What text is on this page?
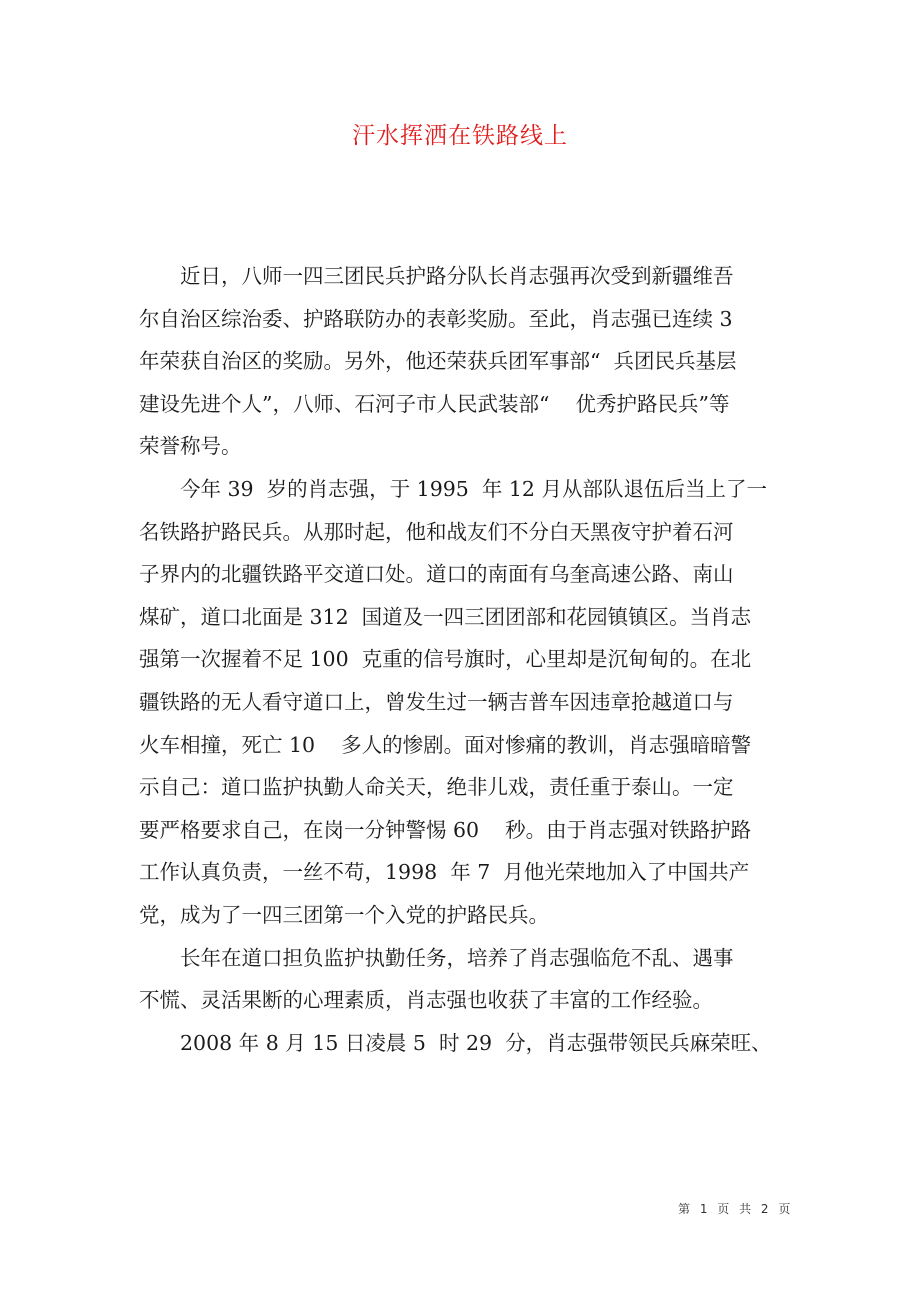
汗水挥洒在铁路线上
近日，八师一四三团民兵护路分队长肖志强再次受到新疆维吾
尔自治区综治委、护路联防办的表彰奖励。至此，肖志强已连续 3
年荣获自治区的奖励。另外，他还荣获兵团军事部“  兵团民兵基层
建设先进个人”，八师、石河子市人民武装部“    优秀护路民兵”等
荣誉称号。
今年 39  岁的肖志强，于 1995  年 12 月从部队退伍后当上了一
名铁路护路民兵。从那时起，他和战友们不分白天黑夜守护着石河
子界内的北疆铁路平交道口处。道口的南面有乌奎高速公路、南山
煤矿，道口北面是 312  国道及一四三团团部和花园镇镇区。当肖志
强第一次握着不足 100  克重的信号旗时，心里却是沉甸甸的。在北
疆铁路的无人看守道口上，曾发生过一辆吉普车因违章抢越道口与
火车相撞，死亡 10    多人的惨剧。面对惨痛的教训，肖志强暗暗警
示自己：道口监护执勤人命关天，绝非儿戏，责任重于泰山。一定
要严格要求自己，在岗一分钟警惕 60    秒。由于肖志强对铁路护路
工作认真负责，一丝不苟，1998  年 7  月他光荣地加入了中国共产
党，成为了一四三团第一个入党的护路民兵。
长年在道口担负监护执勤任务，培养了肖志强临危不乱、遇事
不慌、灵活果断的心理素质，肖志强也收获了丰富的工作经验。
2008 年 8 月 15 日凌晨 5  时 29  分，肖志强带领民兵麻荣旺、
第 1 页 共 2 页
